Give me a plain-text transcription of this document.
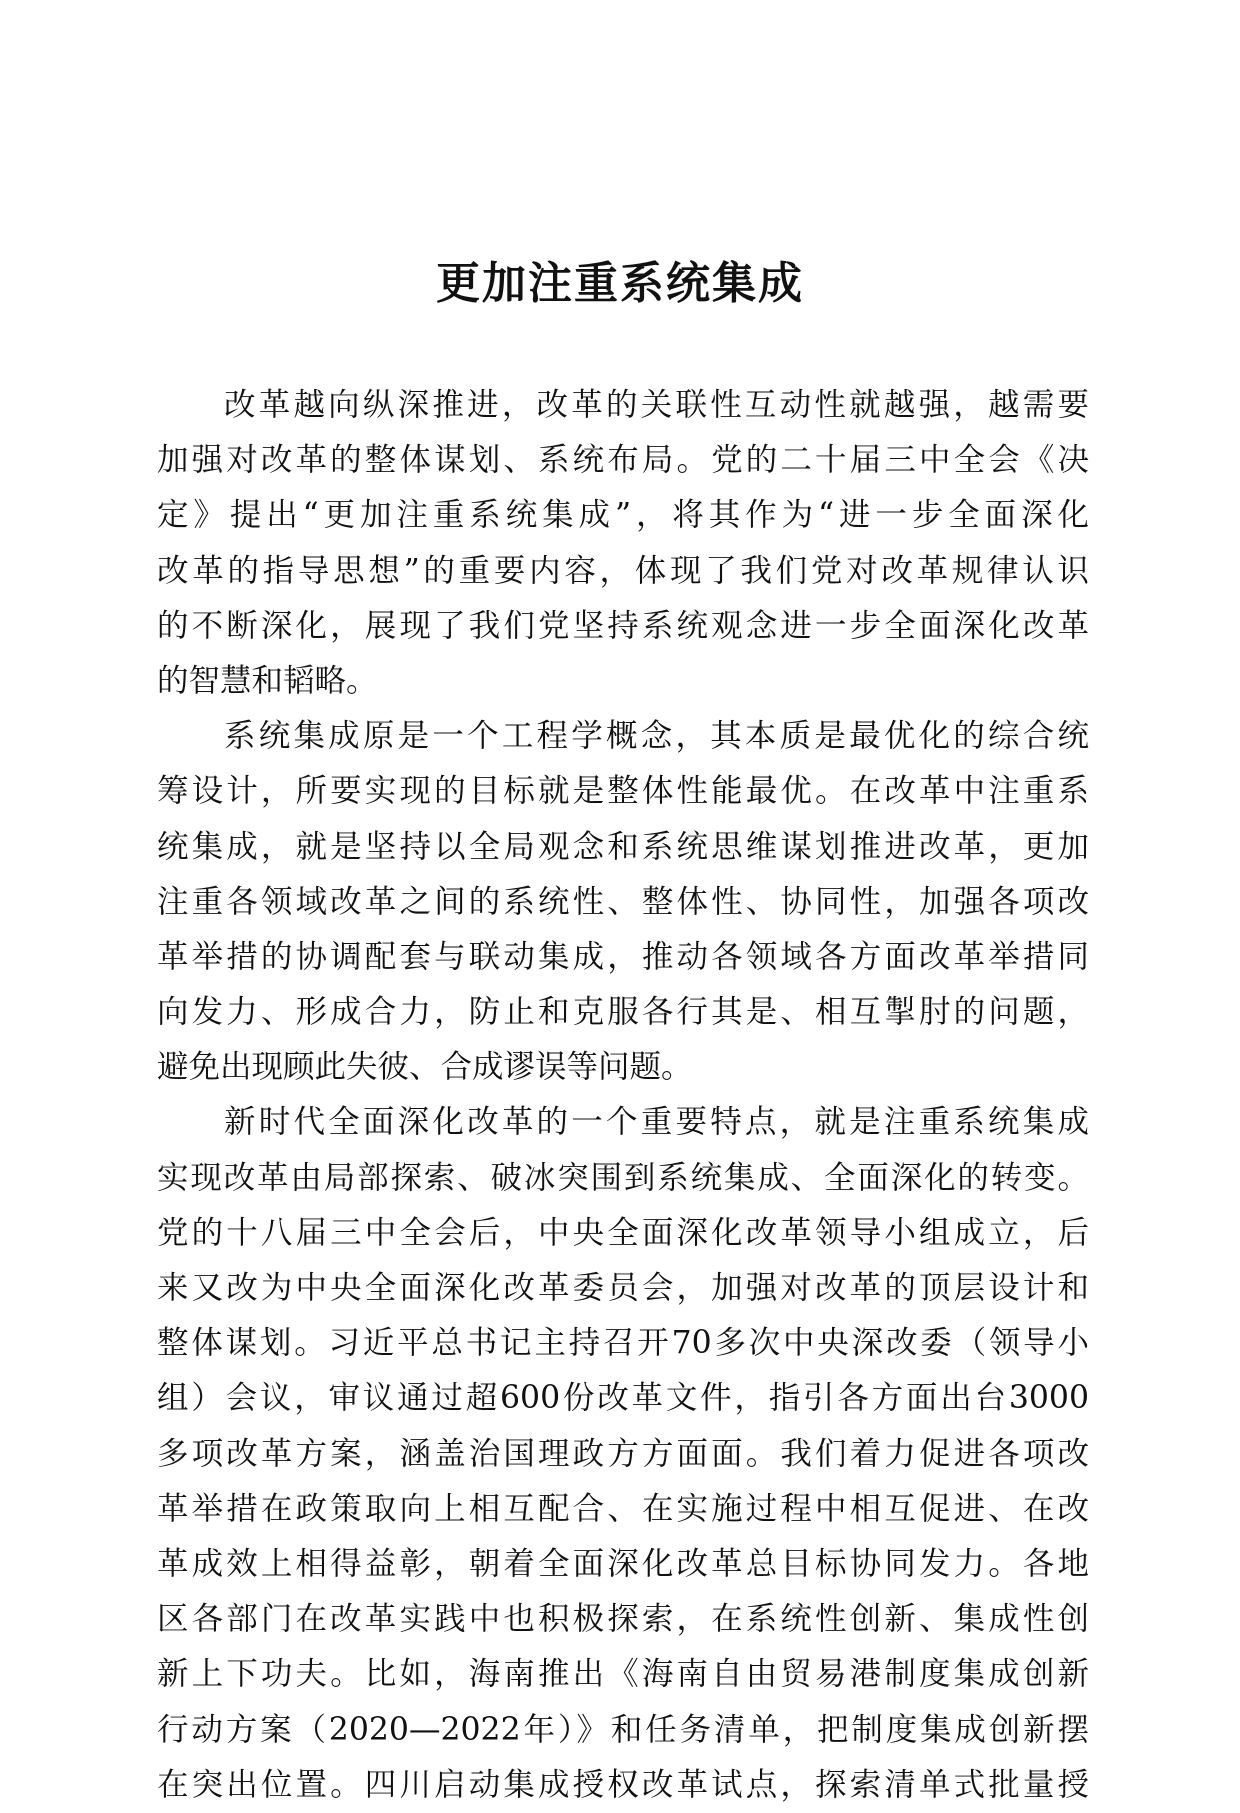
更加注重系统集成
改革越向纵深推进，改革的关联性互动性就越强，越需要
加强对改革的整体谋划、系统布局。党的二十届三中全会《决
定》提出“更加注重系统集成”，将其作为“进一步全面深化
改革的指导思想”的重要内容，体现了我们党对改革规律认识
的不断深化，展现了我们党坚持系统观念进一步全面深化改革
的智慧和韬略。
系统集成原是一个工程学概念，其本质是最优化的综合统
筹设计，所要实现的目标就是整体性能最优。在改革中注重系
统集成，就是坚持以全局观念和系统思维谋划推进改革，更加
注重各领域改革之间的系统性、整体性、协同性，加强各项改
革举措的协调配套与联动集成，推动各领域各方面改革举措同
向发力、形成合力，防止和克服各行其是、相互掣肘的问题，
避免出现顾此失彼、合成谬误等问题。
新时代全面深化改革的一个重要特点，就是注重系统集成
实现改革由局部探索、破冰突围到系统集成、全面深化的转变。
党的十八届三中全会后，中央全面深化改革领导小组成立，后
来又改为中央全面深化改革委员会，加强对改革的顶层设计和
整体谋划。习近平总书记主持召开70多次中央深改委（领导小
组）会议，审议通过超600份改革文件，指引各方面出台3000
多项改革方案，涵盖治国理政方方面面。我们着力促进各项改
革举措在政策取向上相互配合、在实施过程中相互促进、在改
革成效上相得益彰，朝着全面深化改革总目标协同发力。各地
区各部门在改革实践中也积极探索，在系统性创新、集成性创
新上下功夫。比如，海南推出《海南自由贸易港制度集成创新
行动方案（2020—2022年）》和任务清单，把制度集成创新摆
在突出位置。四川启动集成授权改革试点，探索清单式批量授
